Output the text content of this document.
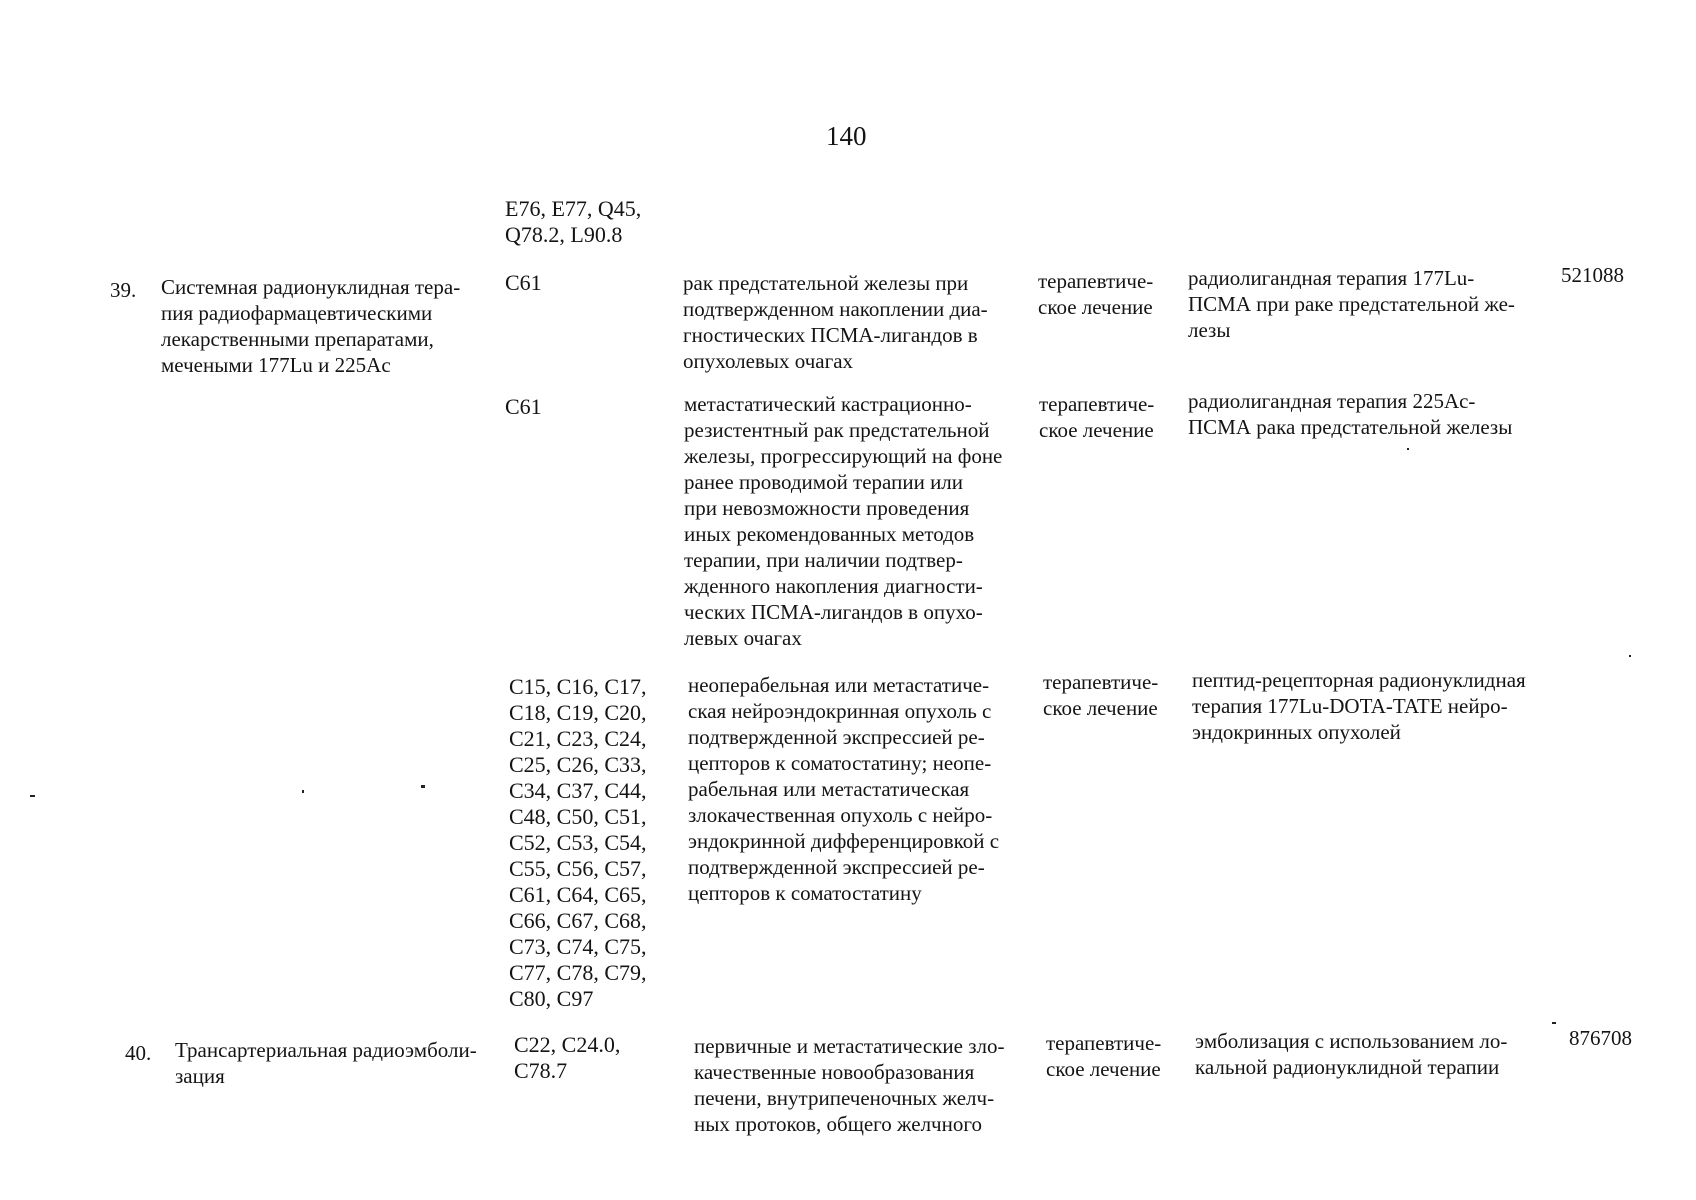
140
E76, E77, Q45,
Q78.2, L90.8
39. Системная радионуклидная тера-
пия радиофармацевтическими
лекарственными препаратами,
мечеными 177Lu и 225Ac
521088
C61	рак предстательной железы при
подтвержденном накоплении диа-
гностических ПСМА-лигандов в
опухолевых очагах
терапевтиче-
ское лечение
радиолигандная терапия 177Lu-
ПСМА при раке предстательной же-
лезы
C61	метастатический кастрационно-
резистентный рак предстательной
железы, прогрессирующий на фоне
ранее проводимой терапии или
при невозможности проведения
иных рекомендованных методов
терапии, при наличии подтвер-
жденного накопления диагности-
ческих ПСМА-лигандов в опухо-
левых очагах
терапевтиче-
ское лечение
радиолигандная терапия 225Ac-
ПСМА рака предстательной железы
C15, C16, C17,
C18, C19, C20,
C21, C23, C24,
C25, C26, C33,
C34, C37, C44,
C48, C50, C51,
C52, C53, C54,
C55, C56, C57,
C61, C64, C65,
C66, C67, C68,
C73, C74, C75,
C77, C78, C79,
C80, C97
неоперабельная или метастатиче-
ская нейроэндокринная опухоль с
подтвержденной экспрессией ре-
цепторов к соматостатину; неопе-
рабельная или метастатическая
злокачественная опухоль с нейро-
эндокринной дифференцировкой с
подтвержденной экспрессией ре-
цепторов к соматостатину
терапевтиче-
ское лечение
пептид-рецепторная радионуклидная
терапия 177Lu-DOTA-TATE нейро-
эндокринных опухолей
40. Трансартериальная радиоэмболи-
зация
876708
C22, C24.0,
C78.7
первичные и метастатические зло-
качественные новообразования
печени, внутрипеченочных желч-
ных протоков, общего желчного
терапевтиче-
ское лечение
эмболизация с использованием ло-
кальной радионуклидной терапии
